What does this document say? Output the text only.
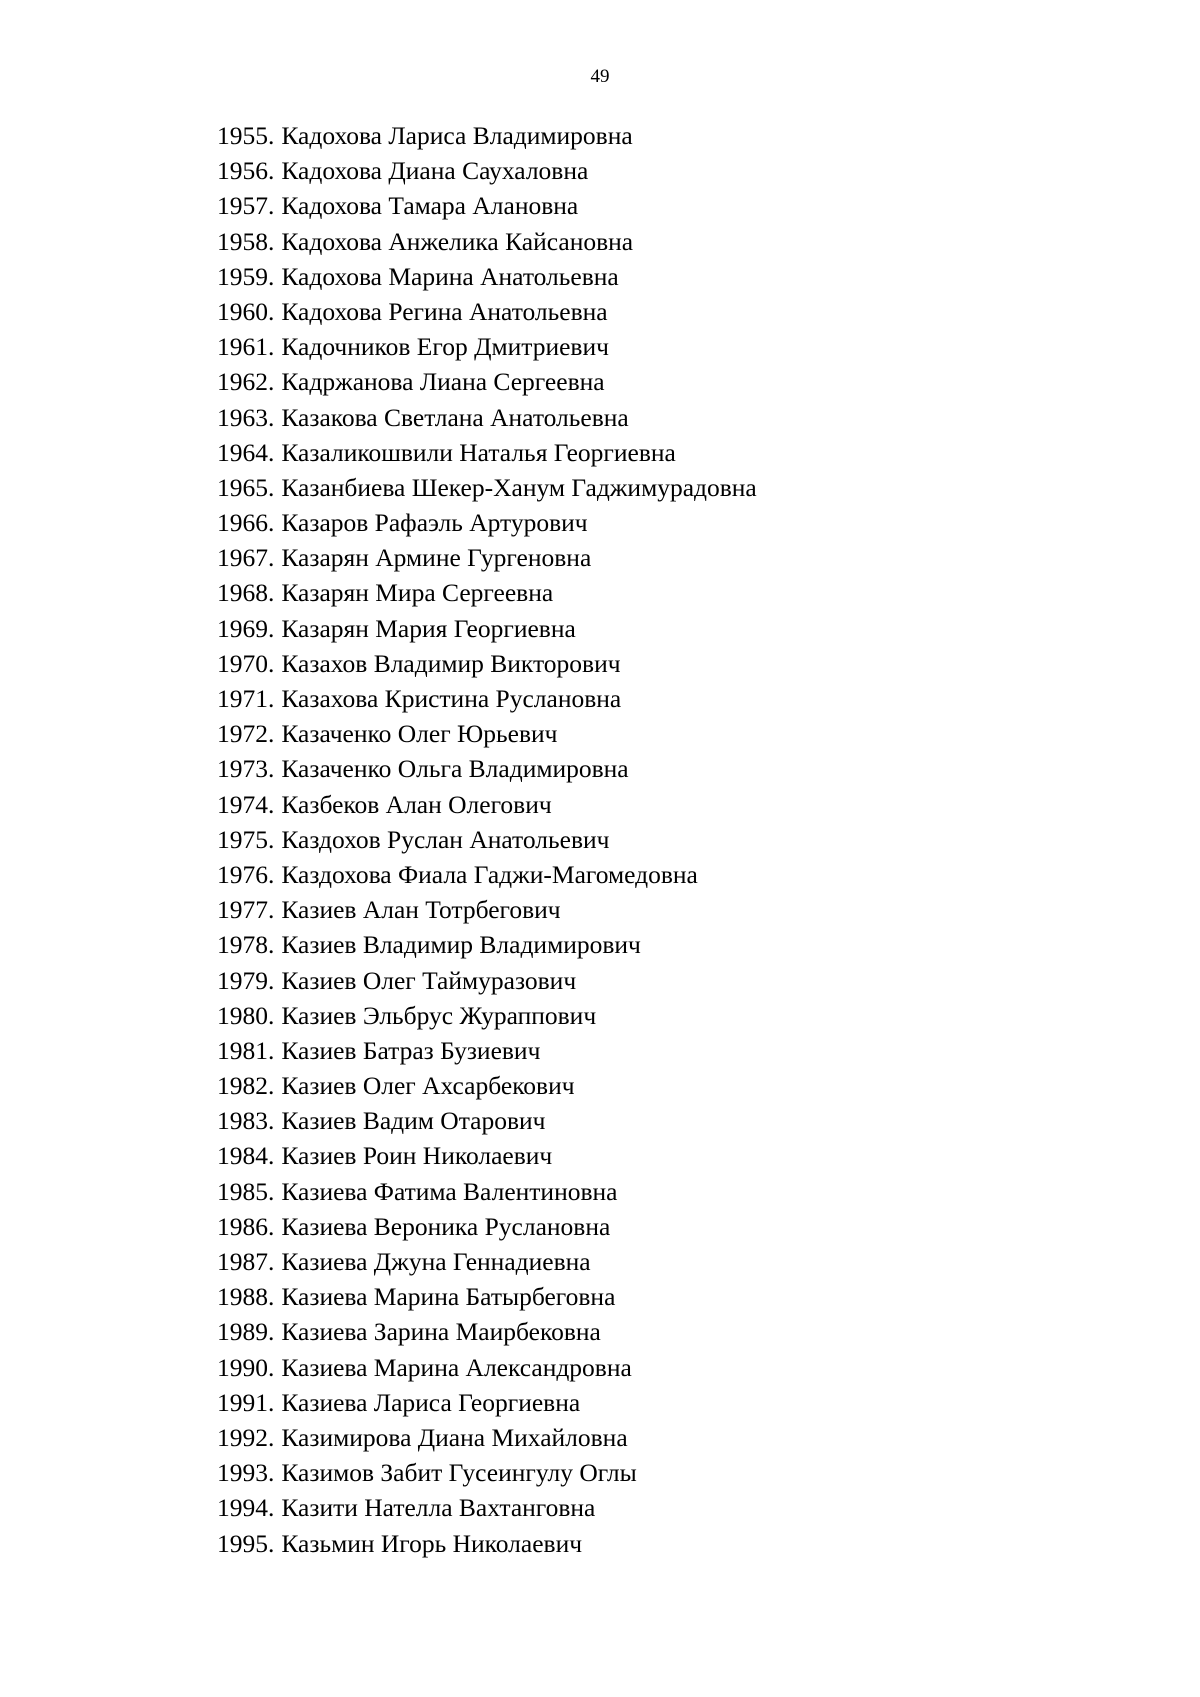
49
1955. Кадохова Лариса Владимировна
1956. Кадохова Диана Саухаловна
1957. Кадохова Тамара Алановна
1958. Кадохова Анжелика Кайсановна
1959. Кадохова Марина Анатольевна
1960. Кадохова Регина Анатольевна
1961. Кадочников Егор Дмитриевич
1962. Кадржанова Лиана Сергеевна
1963. Казакова Светлана Анатольевна
1964. Казаликошвили Наталья Георгиевна
1965. Казанбиева Шекер-Ханум Гаджимурадовна
1966. Казаров Рафаэль Артурович
1967. Казарян Армине Гургеновна
1968. Казарян Мира Сергеевна
1969. Казарян Мария Георгиевна
1970. Казахов Владимир Викторович
1971. Казахова Кристина Руслановна
1972. Казаченко Олег Юрьевич
1973. Казаченко Ольга Владимировна
1974. Казбеков Алан Олегович
1975. Каздохов Руслан Анатольевич
1976. Каздохова Фиала Гаджи-Магомедовна
1977. Казиев Алан Тотрбегович
1978. Казиев Владимир Владимирович
1979. Казиев Олег Таймуразович
1980. Казиев Эльбрус Жураппович
1981. Казиев Батраз Бузиевич
1982. Казиев Олег Ахсарбекович
1983. Казиев Вадим Отарович
1984. Казиев Роин Николаевич
1985. Казиева Фатима Валентиновна
1986. Казиева Вероника Руслановна
1987. Казиева Джуна Геннадиевна
1988. Казиева Марина Батырбеговна
1989. Казиева Зарина Маирбековна
1990. Казиева Марина Александровна
1991. Казиева Лариса Георгиевна
1992. Казимирова Диана Михайловна
1993. Казимов Забит Гусеингулу Оглы
1994. Казити Нателла Вахтанговна
1995. Казьмин Игорь Николаевич
